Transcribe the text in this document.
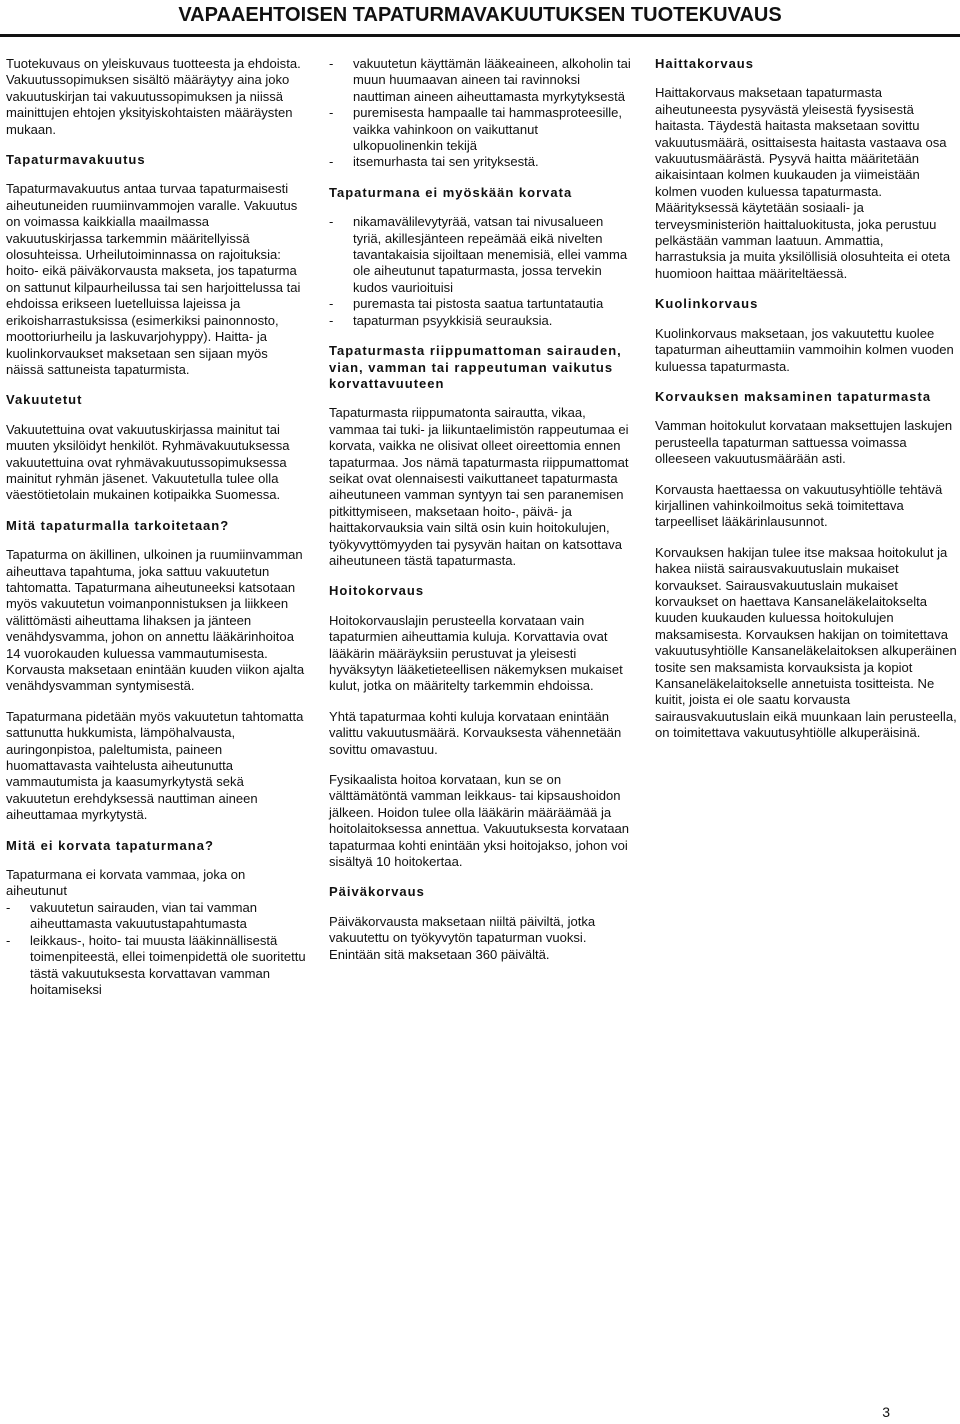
VAPAAEHTOISEN TAPATURMAVAKUUTUKSEN TUOTEKUVAUS

Tuotekuvaus on yleiskuvaus tuotteesta ja ehdoista. Vakuutussopimuksen sisältö määräytyy aina joko vakuutuskirjan tai vakuutussopimuksen ja niissä mainittujen ehtojen yksityiskohtaisten määräysten mukaan.

Tapaturmavakuutus

Tapaturmavakuutus antaa turvaa tapaturmaisesti aiheutuneiden ruumiinvammojen varalle. Vakuutus on voimassa kaikkialla maailmassa vakuutuskirjassa tarkemmin määritellyissä olosuhteissa. Urheilutoiminnassa on rajoituksia: hoito- eikä päiväkorvausta makseta, jos tapaturma on sattunut kilpaurheilussa tai sen harjoittelussa tai ehdoissa erikseen luetelluissa lajeissa ja erikoisharrastuksissa (esimerkiksi painonnosto, moottoriurheilu ja laskuvarjohyppy). Haitta- ja kuolinkorvaukset maksetaan sen sijaan myös näissä sattuneista tapaturmista.

Vakuutetut

Vakuutettuina ovat vakuutuskirjassa mainitut tai muuten yksilöidyt henkilöt. Ryhmävakuutuksessa vakuutettuina ovat ryhmävakuutussopimuksessa mainitut ryhmän jäsenet. Vakuutetulla tulee olla väestötietolain mukainen kotipaikka Suomessa.

Mitä tapaturmalla tarkoitetaan?

Tapaturma on äkillinen, ulkoinen ja ruumiinvamman aiheuttava tapahtuma, joka sattuu vakuutetun tahtomatta. Tapaturmana aiheutuneeksi katsotaan myös vakuutetun voimanponnistuksen ja liikkeen välittömästi aiheuttama lihaksen ja jänteen venähdysvamma, johon on annettu lääkärinhoitoa 14 vuorokauden kuluessa vammautumisesta. Korvausta maksetaan enintään kuuden viikon ajalta venähdysvamman syntymisestä.

Tapaturmana pidetään myös vakuutetun tahtomatta sattunutta hukkumista, lämpöhalvausta, auringonpistoa, paleltumista, paineen huomattavasta vaihtelusta aiheutunutta vammautumista ja kaasumyrkytystä sekä vakuutetun erehdyksessä nauttiman aineen aiheuttamaa myrkytystä.

Mitä ei korvata tapaturmana?

Tapaturmana ei korvata vammaa, joka on aiheutunut

- vakuutetun sairauden, vian tai vamman aiheuttamasta vakuutustapahtumasta
- leikkaus-, hoito- tai muusta lääkinnällisestä toimenpiteestä, ellei toimenpidettä ole suoritettu tästä vakuutuksesta korvattavan vamman hoitamiseksi
- vakuutetun käyttämän lääkeaineen, alkoholin tai muun huumaavan aineen tai ravinnoksi nauttiman aineen aiheuttamasta myrkytyksestä
- puremisesta hampaalle tai hammasproteesille, vaikka vahinkoon on vaikuttanut ulkopuolinenkin tekijä
- itsemurhasta tai sen yrityksestä.
Tapaturmana ei myöskään korvata
- nikamavälilevytyrää, vatsan tai nivusaluееn tyriä, akillesjänteen repeämää eikä nivelten tavantakaisia sijoiltaan menemisiä, ellei vamma ole aiheutunut tapaturmasta, jossa tervekin kudos vaurioituisi
- puremasta tai pistosta saatua tartuntatautia
- tapaturman psyykkisiä seurauksia.
Tapaturmasta riippumattoman sairauden, vian, vamman tai rappeutuman vaikutus korvattavuuteen

Tapaturmasta riippumatonta sairautta, vikaa, vammaa tai tuki- ja liikuntaelimistön rappeutumaa ei korvata, vaikka ne olisivat olleet oireettomia ennen tapaturmaa. Jos nämä tapaturmasta riippumattomat seikat ovat olennaisesti vaikuttaneet tapaturmasta aiheutuneen vamman syntyyn tai sen paranemisen pitkittymiseen, maksetaan hoito-, päivä- ja haittakorvauksia vain siltä osin kuin hoitokulujen, työkyvyttömyyden tai pysyvän haitan on katsottava aiheutuneen tästä tapaturmasta.

Hoitokorvaus

Hoitokorvauslajin perusteella korvataan vain tapaturmien aiheuttamia kuluja. Korvattavia ovat lääkärin määräyksiin perustuvat ja yleisesti hyväksytyn lääketieteellisen näkemyksen mukaiset kulut, jotka on määritelty tarkemmin ehdoissa.

Yhtä tapaturmaa kohti kuluja korvataan enintään valittu vakuutusmäärä. Korvauksesta vähennetään sovittu omavastuu.

Fysikaalista hoitoa korvataan, kun se on välttämätöntä vamman leikkaus- tai kipsaushoidon jälkeen. Hoidon tulee olla lääkärin määräämää ja hoitolaitoksessa annettua. Vakuutuksesta korvataan tapaturmaa kohti enintään yksi hoitojakso, johon voi sisältyä 10 hoitokertaa.

Päiväkorvaus

Päiväkorvausta maksetaan niiltä päiviltä, jotka vakuutettu on työkyvytön tapaturman vuoksi. Enintään sitä maksetaan 360 päivältä.

Haittakorvaus

Haittakorvaus maksetaan tapaturmasta aiheutuneesta pysyvästä yleisestä fyysisestä haitasta. Täydestä haitasta maksetaan sovittu vakuutusmäärä, osittaisesta haitasta vastaava osa vakuutusmäärästä. Pysyvä haitta määritetään aikaisintaan kolmen kuukauden ja viimeistään kolmen vuoden kuluessa tapaturmasta. Määrityksessä käytetään sosiaali- ja terveysministeriön haittaluokitusta, joka perustuu pelkästään vamman laatuun. Ammattia, harrastuksia ja muita yksilöllisiä olosuhteita ei oteta huomioon haittaa määriteltäessä.

Kuolinkorvaus

Kuolinkorvaus maksetaan, jos vakuutettu kuolee tapaturman aiheuttamiin vammoihin kolmen vuoden kuluessa tapaturmasta.

Korvauksen maksaminen tapaturmasta

Vamman hoitokulut korvataan maksettujen laskujen perusteella tapaturman sattuessa voimassa olleeseen vakuutusmäärään asti.

Korvausta haettaessa on vakuutusyhtiölle tehtävä kirjallinen vahinkoilmoitus sekä toimitettava tarpeelliset lääkärinlausunnot.

Korvauksen hakijan tulee itse maksaa hoitokulut ja hakea niistä sairausvakuutuslain mukaiset korvaukset. Sairausvakuutuslain mukaiset korvaukset on haettava Kansaneläkelaitokselta kuuden kuukauden kuluessa hoitokulujen maksamisesta. Korvauksen hakijan on toimitettava vakuutusyhtiölle Kansaneläkelaitoksen alkuperäinen tosite sen maksamista korvauksista ja kopiot Kansaneläkelaitokselle annetuista tositteista. Ne kuitit, joista ei ole saatu korvausta sairausvakuutuslain eikä muunkaan lain perusteella, on toimitettava vakuutusyhtiölle alkuperäisinä.

3
